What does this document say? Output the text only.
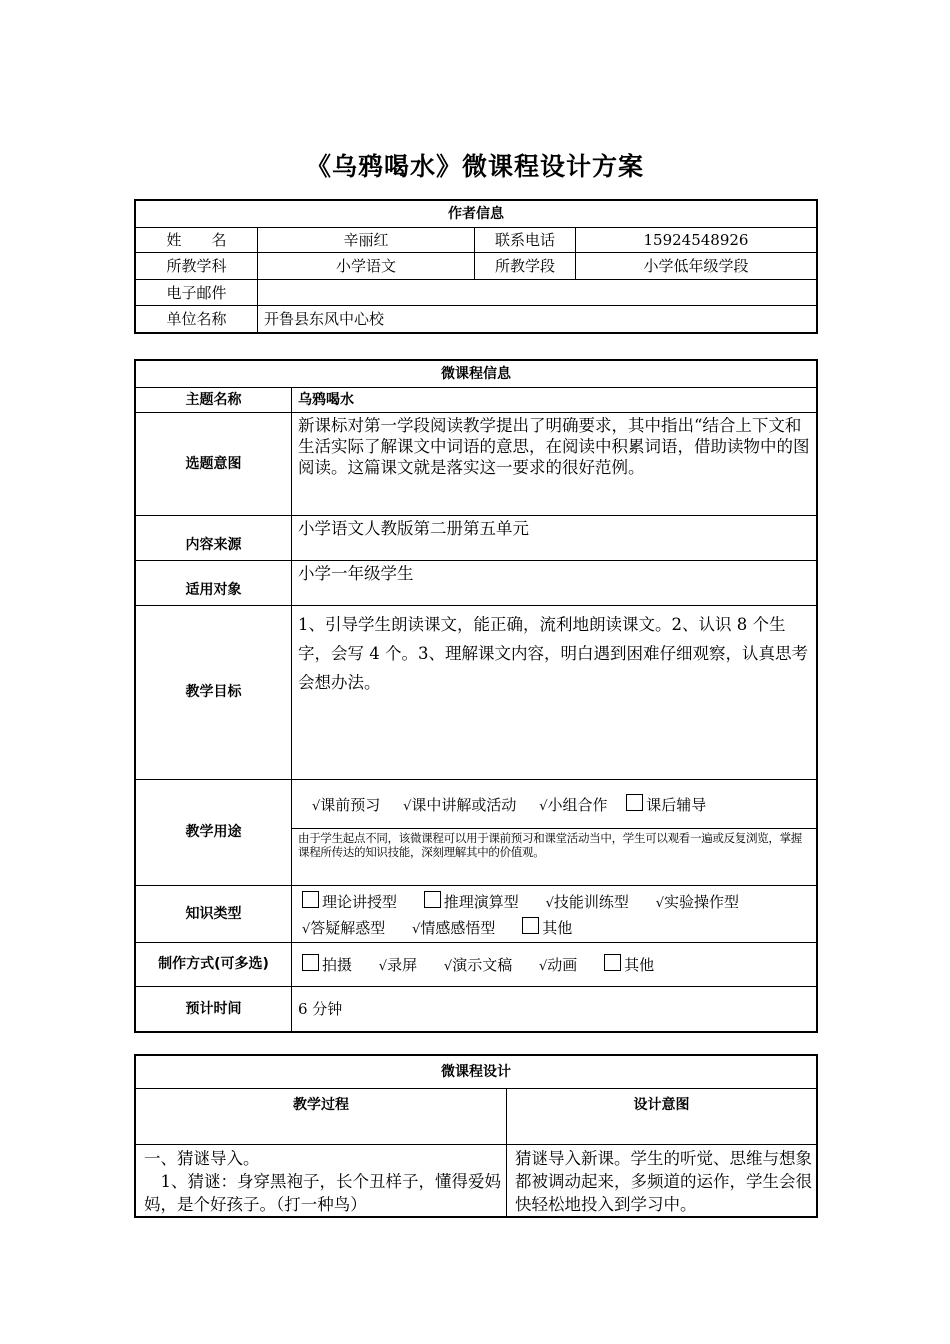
《乌鸦喝水》微课程设计方案
作者信息			
姓　　名	辛丽红	联系电话	15924548926
所教学科	小学语文	所教学段	小学低年级学段
电子邮件			
单位名称	开鲁县东风中心校		
微课程信息	
主题名称	乌鸦喝水
选题意图	新课标对第一学段阅读教学提出了明确要求，其中指出“结合上下文和生活实际了解课文中词语的意思，在阅读中积累词语，借助读物中的图阅读。这篇课文就是落实这一要求的很好范例。
内容来源	小学语文人教版第二册第五单元
适用对象	小学一年级学生
教学目标	1、引导学生朗读课文，能正确，流利地朗读课文。2、认识 8 个生字，会写 4 个。3、理解课文内容，明白遇到困难仔细观察，认真思考会想办法。
教学用途	√课前预习 √课中讲解或活动 √小组合作 课后辅导
由于学生起点不同，该微课程可以用于课前预习和课堂活动当中，学生可以观看一遍或反复浏览，掌握课程所传达的知识技能，深刻理解其中的价值观。

知识类型	理论讲授型 推理演算型 √技能训练型 √实验操作型
√答疑解惑型 √情感感悟型 其他

制作方式(可多选)	拍摄 √录屏 √演示文稿 √动画 其他
预计时间	6 分钟
微课程设计	
教学过程	设计意图

一、猜谜导入。
　1、猜谜：身穿黑袍子，长个丑样子，懂得爱妈妈，是个好孩子。（打一种鸟）	猜谜导入新课。学生的听觉、思维与想象都被调动起来，多频道的运作，学生会很快轻松地投入到学习中。
